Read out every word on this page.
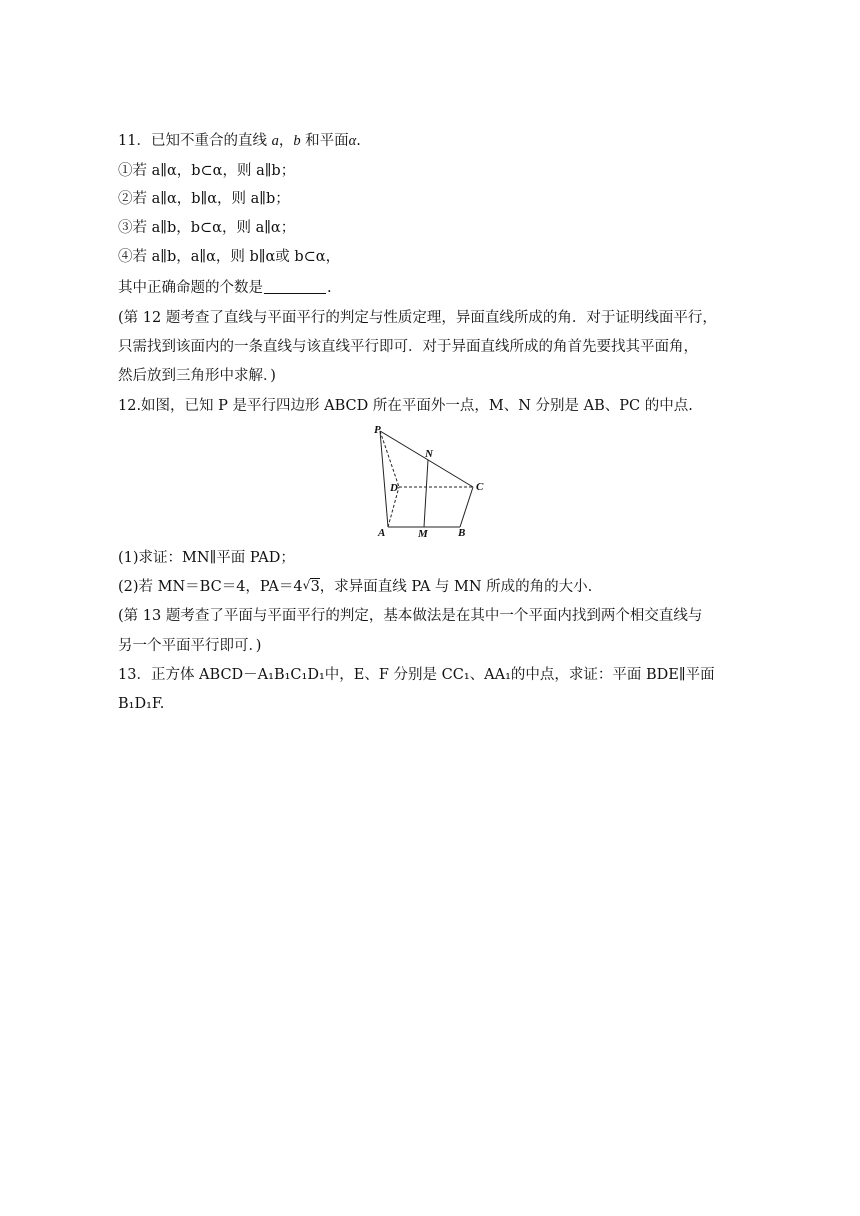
11．已知不重合的直线 a，b 和平面α.
①若 a∥α，b⊂α，则 a∥b；
②若 a∥α，b∥α，则 a∥b；
③若 a∥b，b⊂α，则 a∥α；
④若 a∥b，a∥α，则 b∥α或 b⊂α，
其中正确命题的个数是	.
(第 12 题考查了直线与平面平行的判定与性质定理，异面直线所成的角．对于证明线面平行，
只需找到该面内的一条直线与该直线平行即可．对于异面直线所成的角首先要找其平面角，
然后放到三角形中求解．)
12.如图，已知 P 是平行四边形 ABCD 所在平面外一点，M、N 分别是 AB、PC 的中点.
P
N
D	C
A	M	B
(1)求证：MN∥平面 PAD；
(2)若 MN＝BC＝4，PA＝4 √ 3，求异面直线 PA 与 MN 所成的角的大小.
(第 13 题考查了平面与平面平行的判定，基本做法是在其中一个平面内找到两个相交直线与
另一个平面平行即可．)
13．正方体 ABCD－A₁B₁C₁D₁中，E、F 分别是 CC₁、AA₁的中点，求证：平面 BDE∥平面
B₁D₁F.
